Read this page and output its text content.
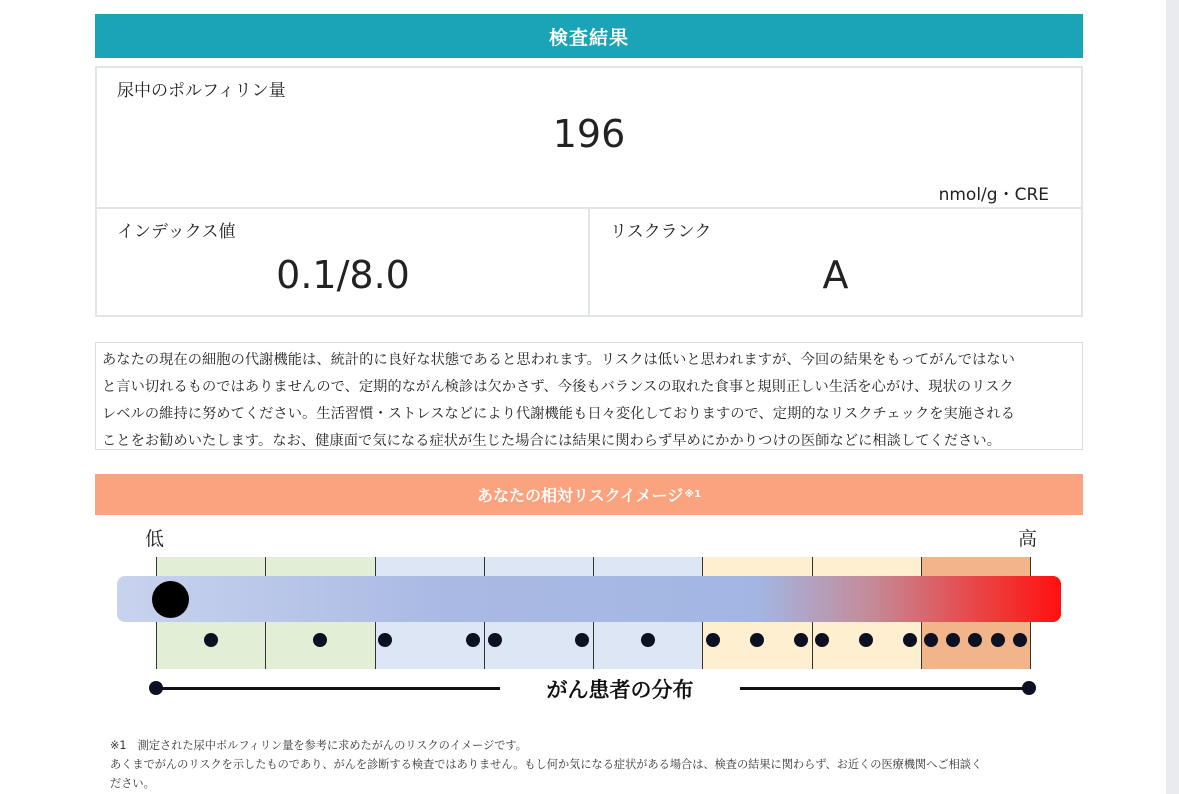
検査結果
尿中のポルフィリン量
196
nmol/g・CRE
インデックス値
0.1/8.0
リスクランク
A
あなたの現在の細胞の代謝機能は、統計的に良好な状態であると思われます。リスクは低いと思われますが、今回の結果をもってがんではない
と言い切れるものではありませんので、定期的ながん検診は欠かさず、今後もバランスの取れた食事と規則正しい生活を心がけ、現状のリスク
レベルの維持に努めてください。生活習慣・ストレスなどにより代謝機能も日々変化しておりますので、定期的なリスクチェックを実施される
ことをお勧めいたします。なお、健康面で気になる症状が生じた場合には結果に関わらず早めにかかりつけの医師などに相談してください。
あなたの相対リスクイメージ ※1
低	高
がん患者の分布
※1　測定された尿中ポルフィリン量を参考に求めたがんのリスクのイメージです。
あくまでがんのリスクを示したものであり、がんを診断する検査ではありません。もし何か気になる症状がある場合は、検査の結果に関わらず、お近くの医療機関へご相談く
ださい。
